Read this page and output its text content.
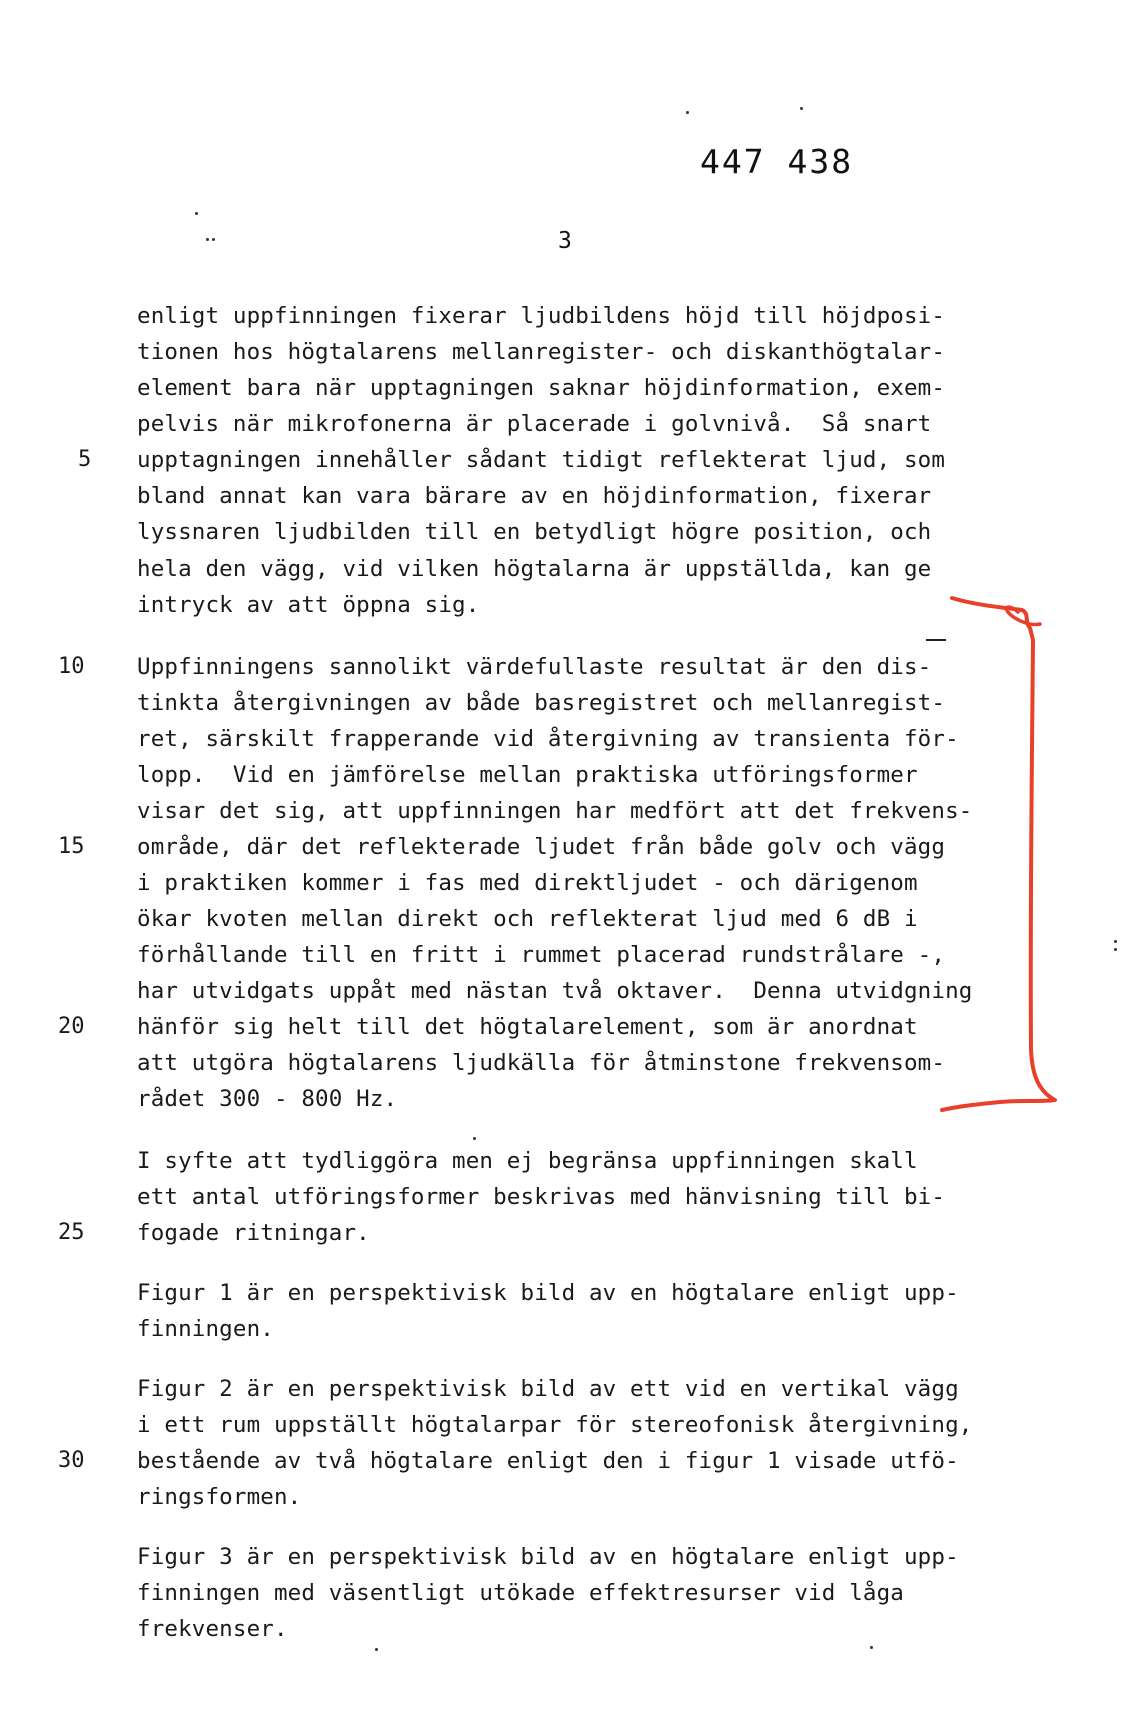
447 438
3
enligt uppfinningen fixerar ljudbildens höjd till höjdposi-
tionen hos högtalarens mellanregister- och diskanthögtalar-
element bara när upptagningen saknar höjdinformation, exem-
pelvis när mikrofonerna är placerade i golvnivå.  Så snart
upptagningen innehåller sådant tidigt reflekterat ljud, som
bland annat kan vara bärare av en höjdinformation, fixerar
lyssnaren ljudbilden till en betydligt högre position, och
hela den vägg, vid vilken högtalarna är uppställda, kan ge
intryck av att öppna sig.
Uppfinningens sannolikt värdefullaste resultat är den dis-
tinkta återgivningen av både basregistret och mellanregist-
ret, särskilt frapperande vid återgivning av transienta för-
lopp.  Vid en jämförelse mellan praktiska utföringsformer
visar det sig, att uppfinningen har medfört att det frekvens-
område, där det reflekterade ljudet från både golv och vägg
i praktiken kommer i fas med direktljudet - och därigenom
ökar kvoten mellan direkt och reflekterat ljud med 6 dB i
förhållande till en fritt i rummet placerad rundstrålare -,
har utvidgats uppåt med nästan två oktaver.  Denna utvidgning
hänför sig helt till det högtalarelement, som är anordnat
att utgöra högtalarens ljudkälla för åtminstone frekvensom-
rådet 300 - 800 Hz.
I syfte att tydliggöra men ej begränsa uppfinningen skall
ett antal utföringsformer beskrivas med hänvisning till bi-
fogade ritningar.
Figur 1 är en perspektivisk bild av en högtalare enligt upp-
finningen.
Figur 2 är en perspektivisk bild av ett vid en vertikal vägg
i ett rum uppställt högtalarpar för stereofonisk återgivning,
bestående av två högtalare enligt den i figur 1 visade utfö-
ringsformen.
Figur 3 är en perspektivisk bild av en högtalare enligt upp-
finningen med väsentligt utökade effektresurser vid låga
frekvenser.
5
10
15
20
25
30
